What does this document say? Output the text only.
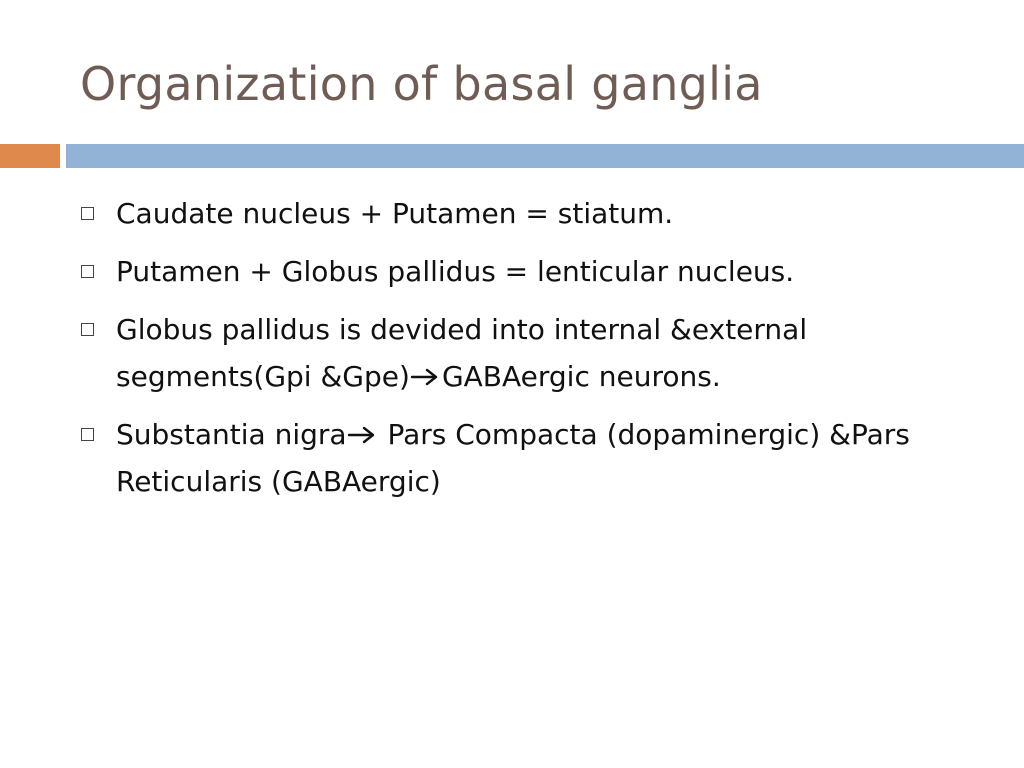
Organization of basal ganglia
Caudate nucleus + Putamen = stiatum.
Putamen + Globus pallidus = lenticular nucleus.
Globus pallidus is devided into internal &external segments(Gpi &Gpe) GABAergic neurons.
Substantia nigra Pars Compacta (dopaminergic) &Pars Reticularis (GABAergic)
